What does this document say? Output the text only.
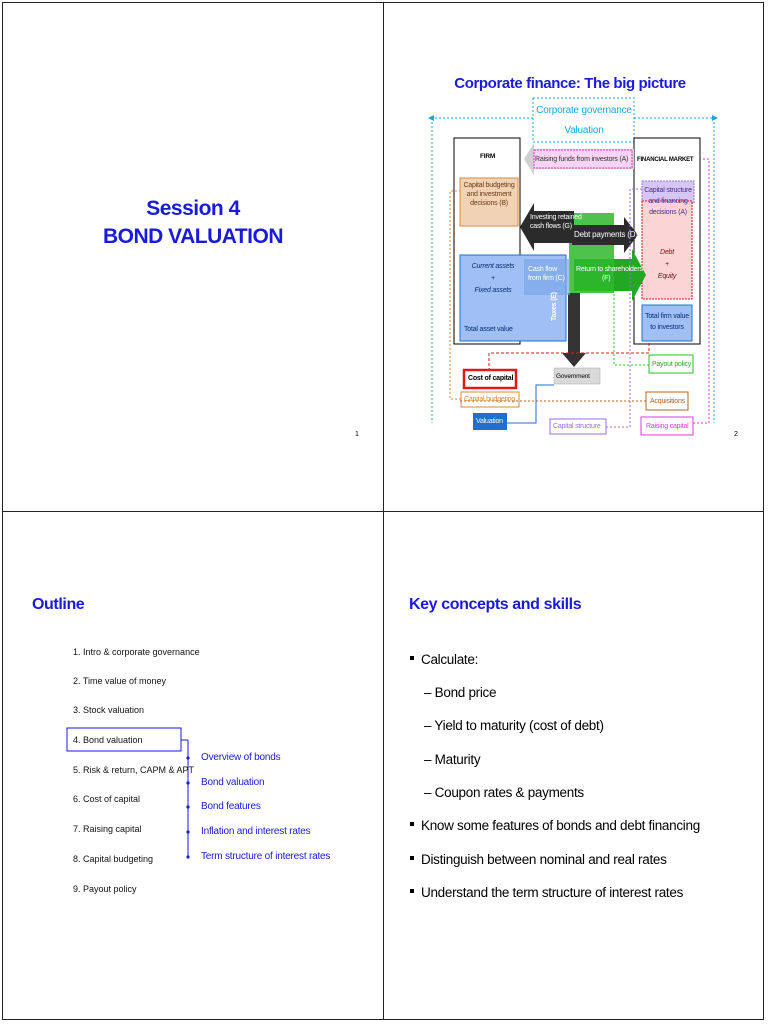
Session 4
BOND VALUATION
1
Corporate finance: The big picture
Corporate governance
Valuation
FIRM	FINANCIAL MARKET
Raising funds from investors (A)
Capital budgeting
and investment
decisions (B)
Investing retained
cash flows (G)
Debt payments (D)
Return to shareholders
(F)
Cash flow
from firm (C)
Current assets
+
Fixed assets
Total asset value
Capital structure
and financing
decisions (A)
Debt
+
Equity
Total firm value
to investors
Taxes (E)
Government
Payout policy
Cost of capital
Capital budgeting	Acquisitions
Valuation
Capital structure	Raising capital
2
Outline
1. Intro & corporate governance
2. Time value of money
3. Stock valuation
4. Bond valuation
5. Risk & return, CAPM & APT
6. Cost of capital
7. Raising capital
8. Capital budgeting
9. Payout policy
Overview of bonds
Bond valuation
Bond features
Inflation and interest rates
Term structure of interest rates
Key concepts and skills
Calculate:
– Bond price
– Yield to maturity (cost of debt)
– Maturity
– Coupon rates & payments
Know some features of bonds and debt financing
Distinguish between nominal and real rates
Understand the term structure of interest rates
